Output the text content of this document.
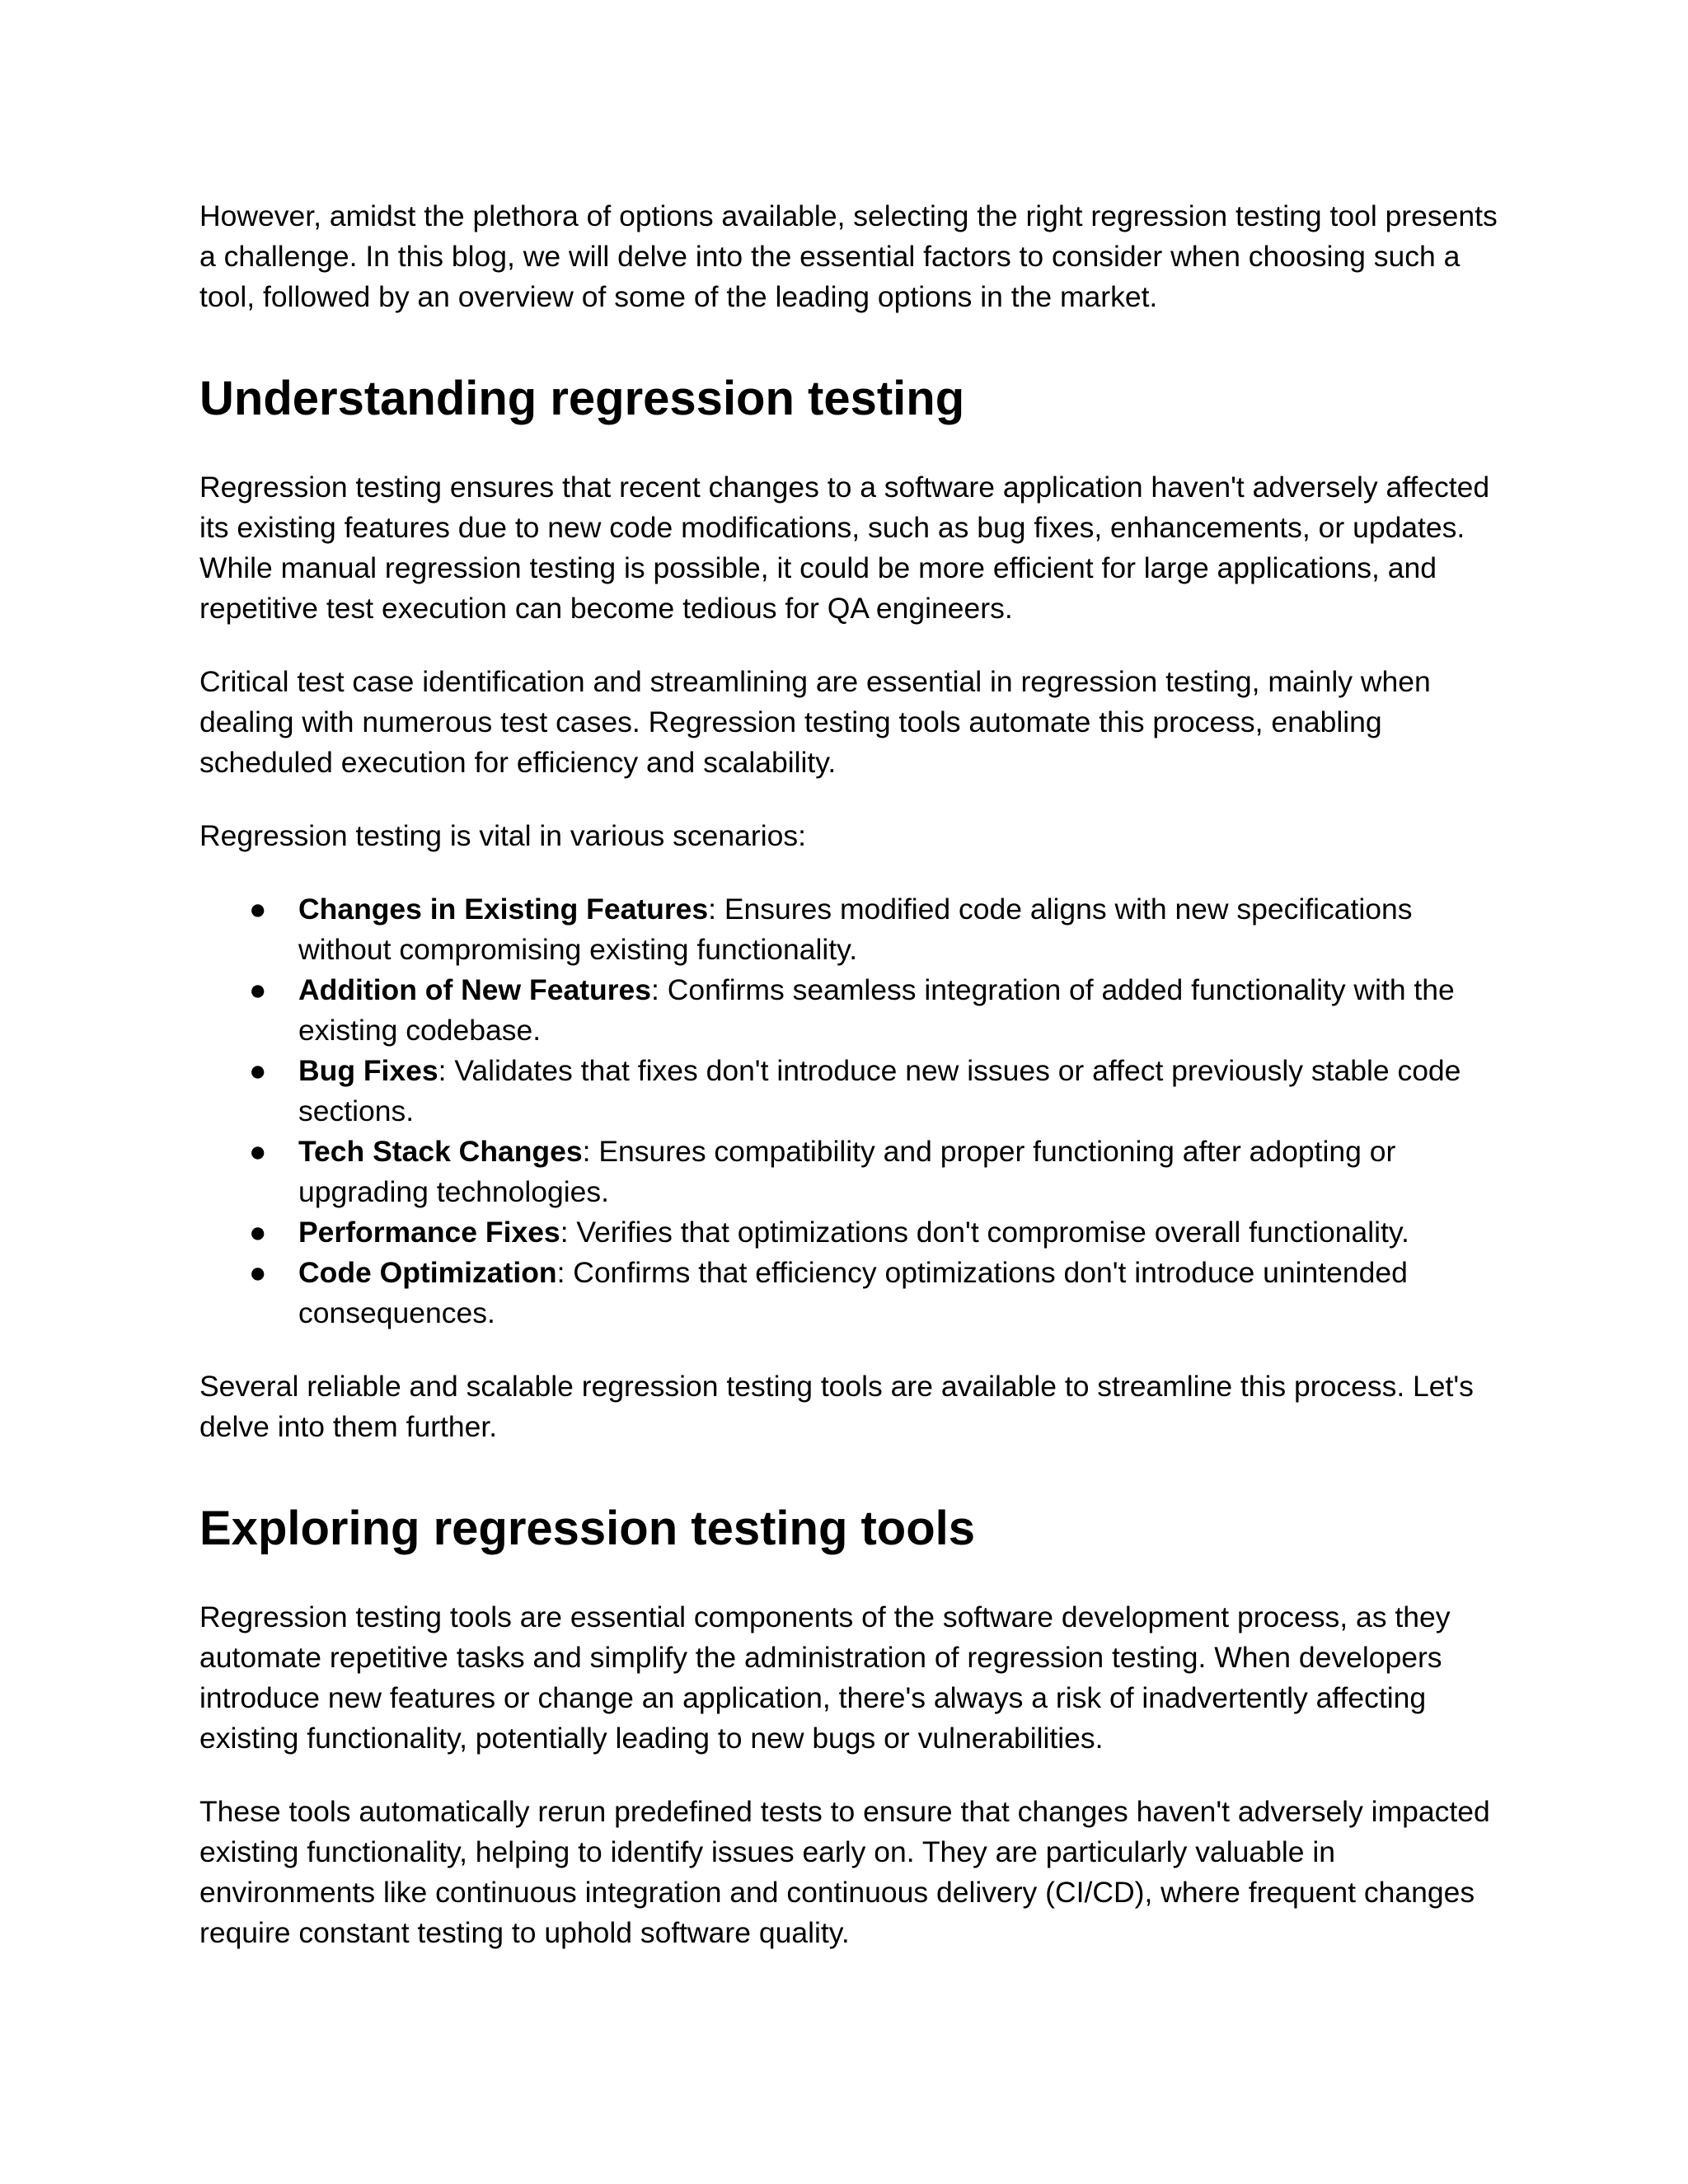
However, amidst the plethora of options available, selecting the right regression testing tool presents a challenge. In this blog, we will delve into the essential factors to consider when choosing such a tool, followed by an overview of some of the leading options in the market.

Understanding regression testing

Regression testing ensures that recent changes to a software application haven't adversely affected its existing features due to new code modifications, such as bug fixes, enhancements, or updates. While manual regression testing is possible, it could be more efficient for large applications, and repetitive test execution can become tedious for QA engineers.

Critical test case identification and streamlining are essential in regression testing, mainly when dealing with numerous test cases. Regression testing tools automate this process, enabling scheduled execution for efficiency and scalability.

Regression testing is vital in various scenarios:

● Changes in Existing Features: Ensures modified code aligns with new specifications without compromising existing functionality.
● Addition of New Features: Confirms seamless integration of added functionality with the existing codebase.
● Bug Fixes: Validates that fixes don't introduce new issues or affect previously stable code sections.
● Tech Stack Changes: Ensures compatibility and proper functioning after adopting or upgrading technologies.
● Performance Fixes: Verifies that optimizations don't compromise overall functionality.
● Code Optimization: Confirms that efficiency optimizations don't introduce unintended consequences.

Several reliable and scalable regression testing tools are available to streamline this process. Let's delve into them further.

Exploring regression testing tools

Regression testing tools are essential components of the software development process, as they automate repetitive tasks and simplify the administration of regression testing. When developers introduce new features or change an application, there's always a risk of inadvertently affecting existing functionality, potentially leading to new bugs or vulnerabilities.

These tools automatically rerun predefined tests to ensure that changes haven't adversely impacted existing functionality, helping to identify issues early on. They are particularly valuable in environments like continuous integration and continuous delivery (CI/CD), where frequent changes require constant testing to uphold software quality.
